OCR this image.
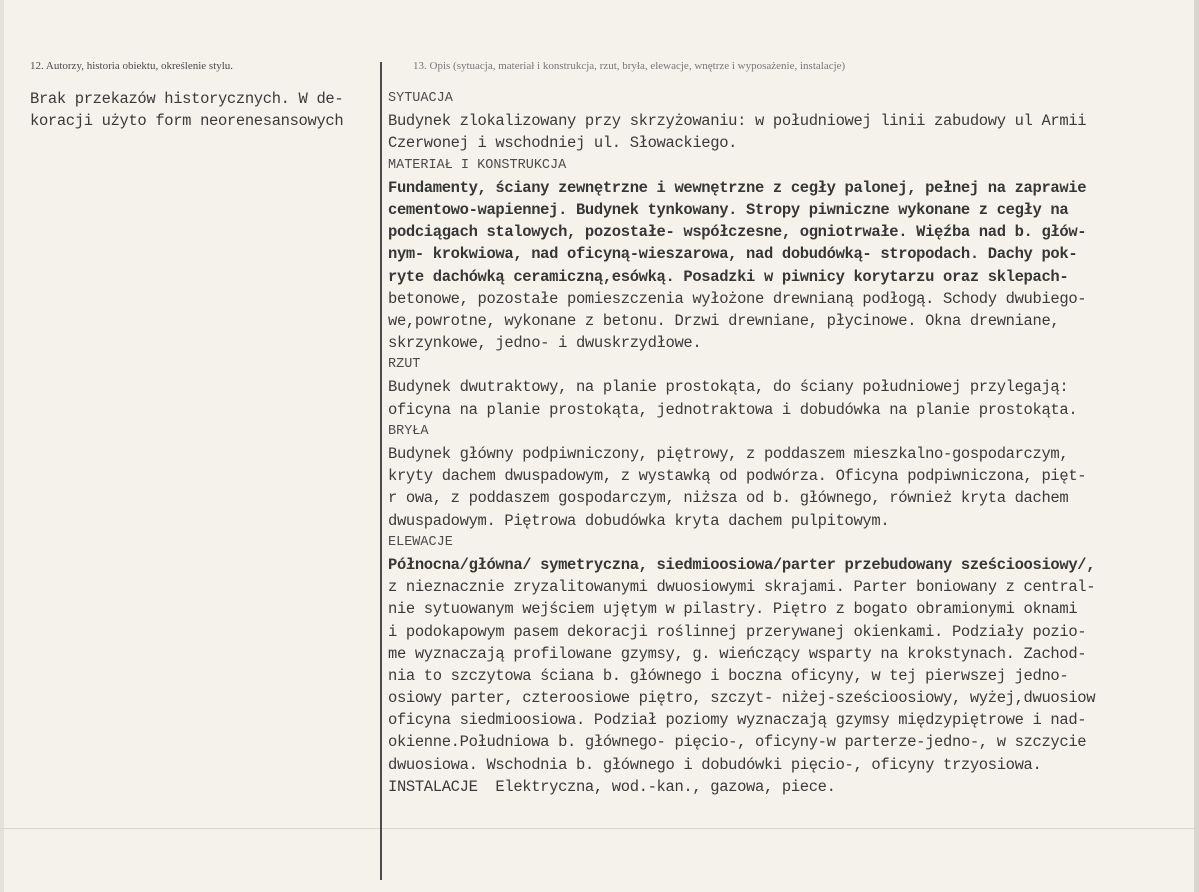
12. Autorzy, historia obiektu, określenie stylu.	13. Opis (sytuacja, materiał i konstrukcja, rzut, bryła, elewacje, wnętrze i wyposażenie, instalacje)
Brak przekazów historycznych. W de-
koracji użyto form neorenesansowych
SYTUACJA
Budynek zlokalizowany przy skrzyżowaniu: w południowej linii zabudowy ul Armii
Czerwonej i wschodniej ul. Słowackiego.
MATERIAŁ I KONSTRUKCJA
Fundamenty, ściany zewnętrzne i wewnętrzne z cegły palonej, pełnej na zaprawie
cementowo-wapiennej. Budynek tynkowany. Stropy piwniczne wykonane z cegły na
podciągach stalowych, pozostałe- współczesne, ogniotrwałe. Więźba nad b. głów-
nym- krokwiowa, nad oficyną-wieszarowa, nad dobudówką- stropodach. Dachy pok-
ryte dachówką ceramiczną,esówką. Posadzki w piwnicy korytarzu oraz sklepach-
betonowe, pozostałe pomieszczenia wyłożone drewnianą podłogą. Schody dwubiego-
we,powrotne, wykonane z betonu. Drzwi drewniane, płycinowe. Okna drewniane,
skrzynkowe, jedno- i dwuskrzydłowe.
RZUT
Budynek dwutraktowy, na planie prostokąta, do ściany południowej przylegają:
oficyna na planie prostokąta, jednotraktowa i dobudówka na planie prostokąta.
BRYŁA
Budynek główny podpiwniczony, piętrowy, z poddaszem mieszkalno-gospodarczym,
kryty dachem dwuspadowym, z wystawką od podwórza. Oficyna podpiwniczona, pięt-
r owa, z poddaszem gospodarczym, niższa od b. głównego, również kryta dachem
dwuspadowym. Piętrowa dobudówka kryta dachem pulpitowym.
ELEWACJE
Północna/główna/ symetryczna, siedmioosiowa/parter przebudowany sześcioosiowy/,
z nieznacznie zryzalitowanymi dwuosiowymi skrajami. Parter boniowany z central-
nie sytuowanym wejściem ujętym w pilastry. Piętro z bogato obramionymi oknami
i podokapowym pasem dekoracji roślinnej przerywanej okienkami. Podziały pozio-
me wyznaczają profilowane gzymsy, g. wieńczący wsparty na krokstynach. Zachod-
nia to szczytowa ściana b. głównego i boczna oficyny, w tej pierwszej jedno-
osiowy parter, czteroosiowe piętro, szczyt- niżej-sześcioosiowy, wyżej,dwuosiow
oficyna siedmioosiowa. Podział poziomy wyznaczają gzymsy międzypiętrowe i nad-
okienne.Południowa b. głównego- pięcio-, oficyny-w parterze-jedno-, w szczycie
dwuosiowa. Wschodnia b. głównego i dobudówki pięcio-, oficyny trzyosiowa.
INSTALACJE  Elektryczna, wod.-kan., gazowa, piece.
